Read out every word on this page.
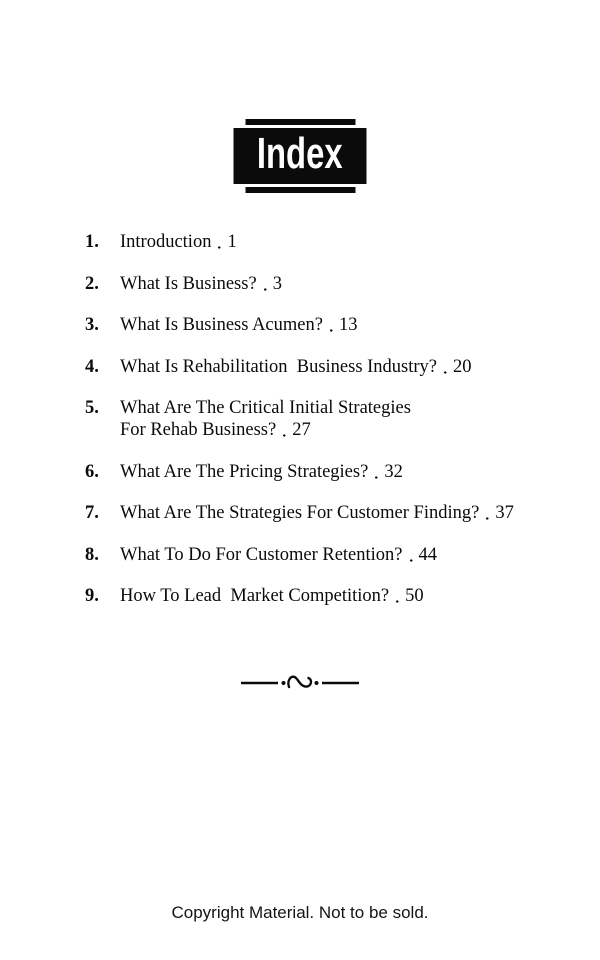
Index
1.	Introduction 1
2.	What Is Business? 3
3.	What Is Business Acumen? 13
4.	What Is Rehabilitation  Business Industry? 20
5.	What Are The Critical Initial Strategies
For Rehab Business? 27
6.	What Are The Pricing Strategies? 32
7.	What Are The Strategies For Customer Finding? 37
8.	What To Do For Customer Retention? 44
9.	How To Lead  Market Competition? 50
Copyright Material. Not to be sold.
